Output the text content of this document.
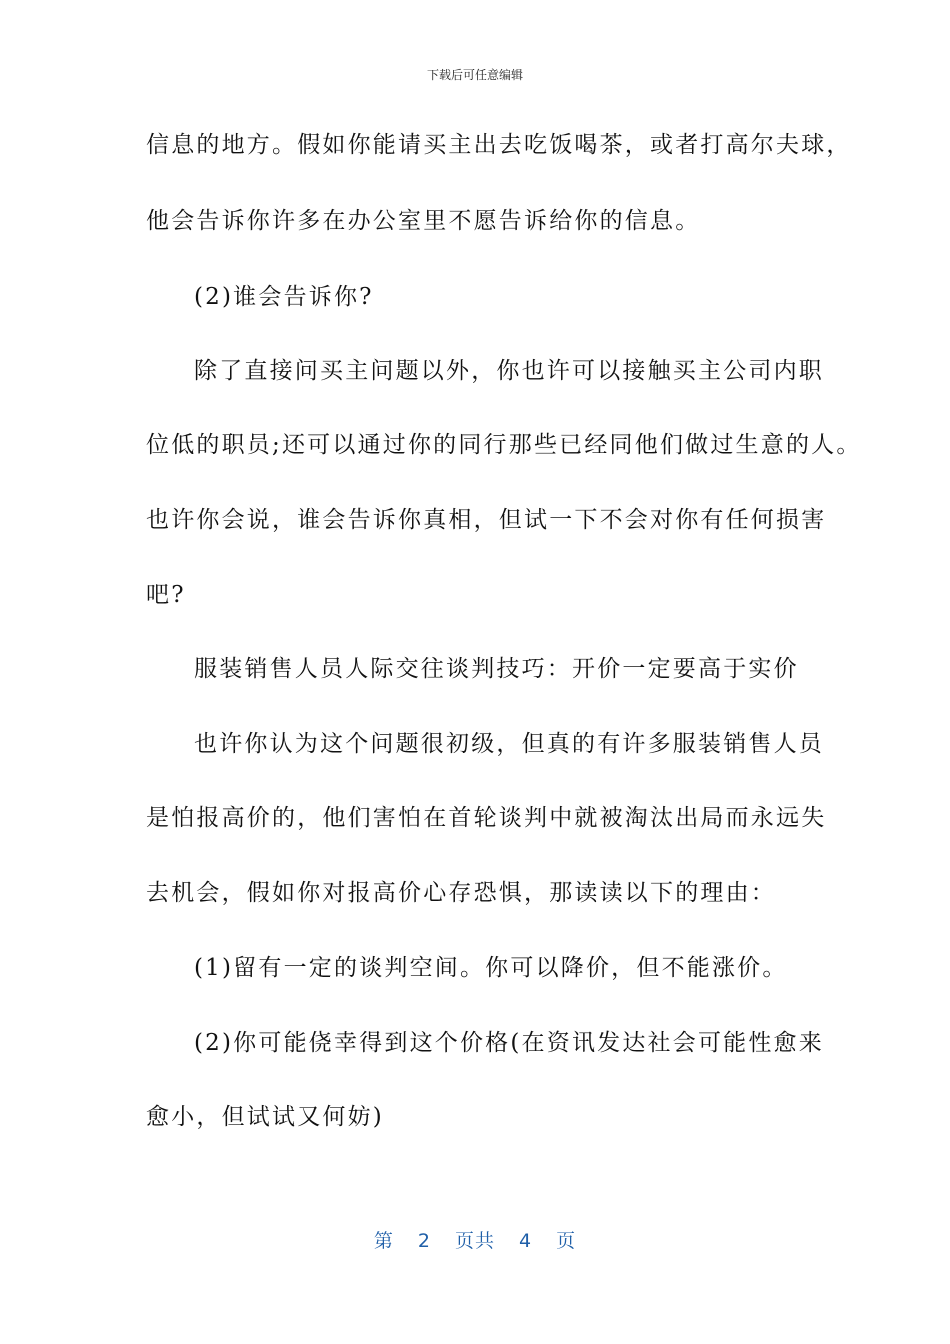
下载后可任意编辑
信息的地方。假如你能请买主出去吃饭喝茶，或者打高尔夫球，
他会告诉你许多在办公室里不愿告诉给你的信息。
(2)谁会告诉你?
除了直接问买主问题以外，你也许可以接触买主公司内职
位低的职员;还可以通过你的同行那些已经同他们做过生意的人。
也许你会说，谁会告诉你真相，但试一下不会对你有任何损害
吧?
服装销售人员人际交往谈判技巧：开价一定要高于实价
也许你认为这个问题很初级，但真的有许多服装销售人员
是怕报高价的，他们害怕在首轮谈判中就被淘汰出局而永远失
去机会，假如你对报高价心存恐惧，那读读以下的理由：
(1)留有一定的谈判空间。你可以降价，但不能涨价。
(2)你可能侥幸得到这个价格(在资讯发达社会可能性愈来
愈小，但试试又何妨)
第 2 页共 4 页
